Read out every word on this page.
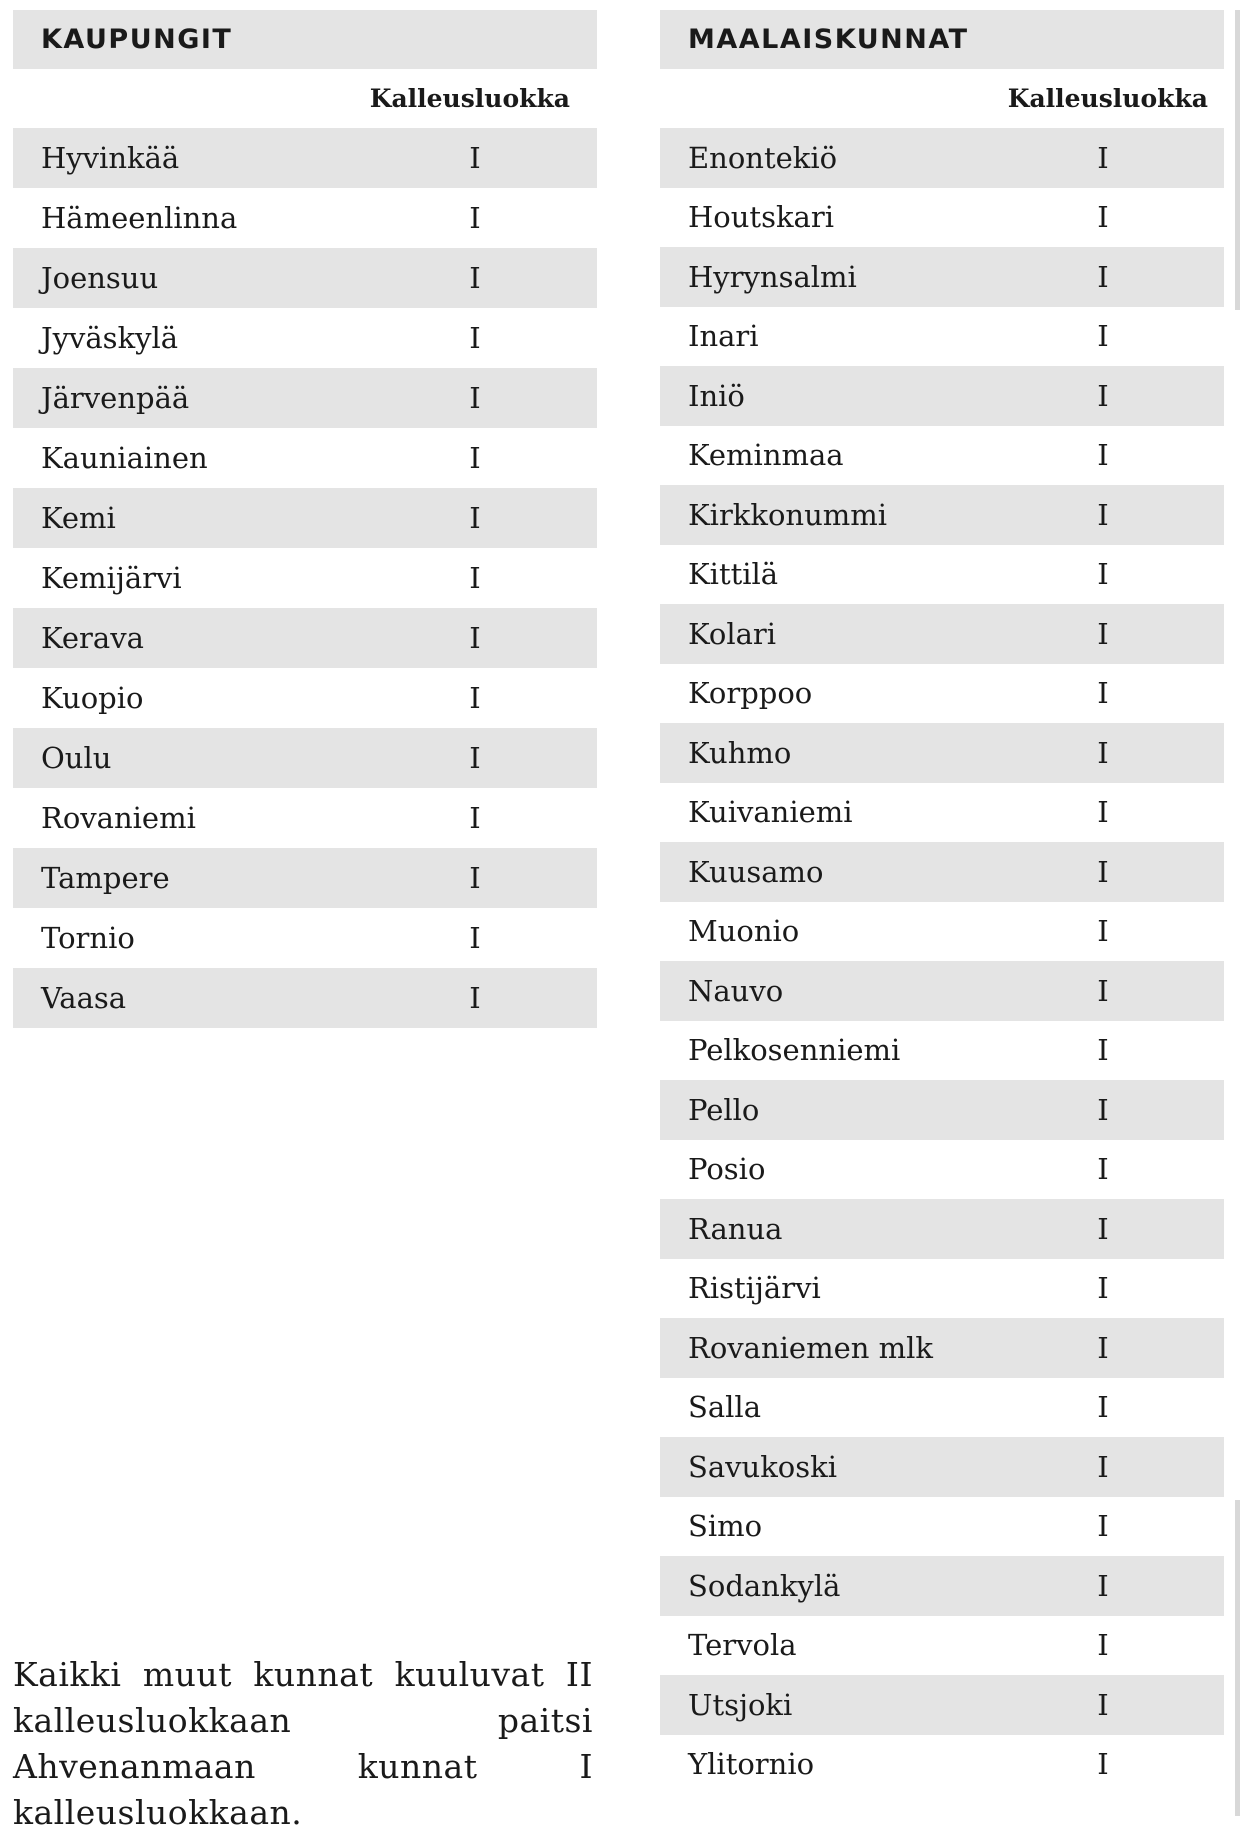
KAUPUNGIT
Kalleusluokka
Hyvinkää	I
Hämeenlinna	I
Joensuu	I
Jyväskylä	I
Järvenpää	I
Kauniainen	I
Kemi	I
Kemijärvi	I
Kerava	I
Kuopio	I
Oulu	I
Rovaniemi	I
Tampere	I
Tornio	I
Vaasa	I
MAALAISKUNNAT
Kalleusluokka
Enontekiö	I
Houtskari	I
Hyrynsalmi	I
Inari	I
Iniö	I
Keminmaa	I
Kirkkonummi	I
Kittilä	I
Kolari	I
Korppoo	I
Kuhmo	I
Kuivaniemi	I
Kuusamo	I
Muonio	I
Nauvo	I
Pelkosenniemi	I
Pello	I
Posio	I
Ranua	I
Ristijärvi	I
Rovaniemen mlk	I
Salla	I
Savukoski	I
Simo	I
Sodankylä	I
Tervola	I
Utsjoki	I
Ylitornio	I
Kaikki muut kunnat kuuluvat II kalleusluokkaan paitsi Ahvenanmaan kunnat I kalleusluokkaan.
